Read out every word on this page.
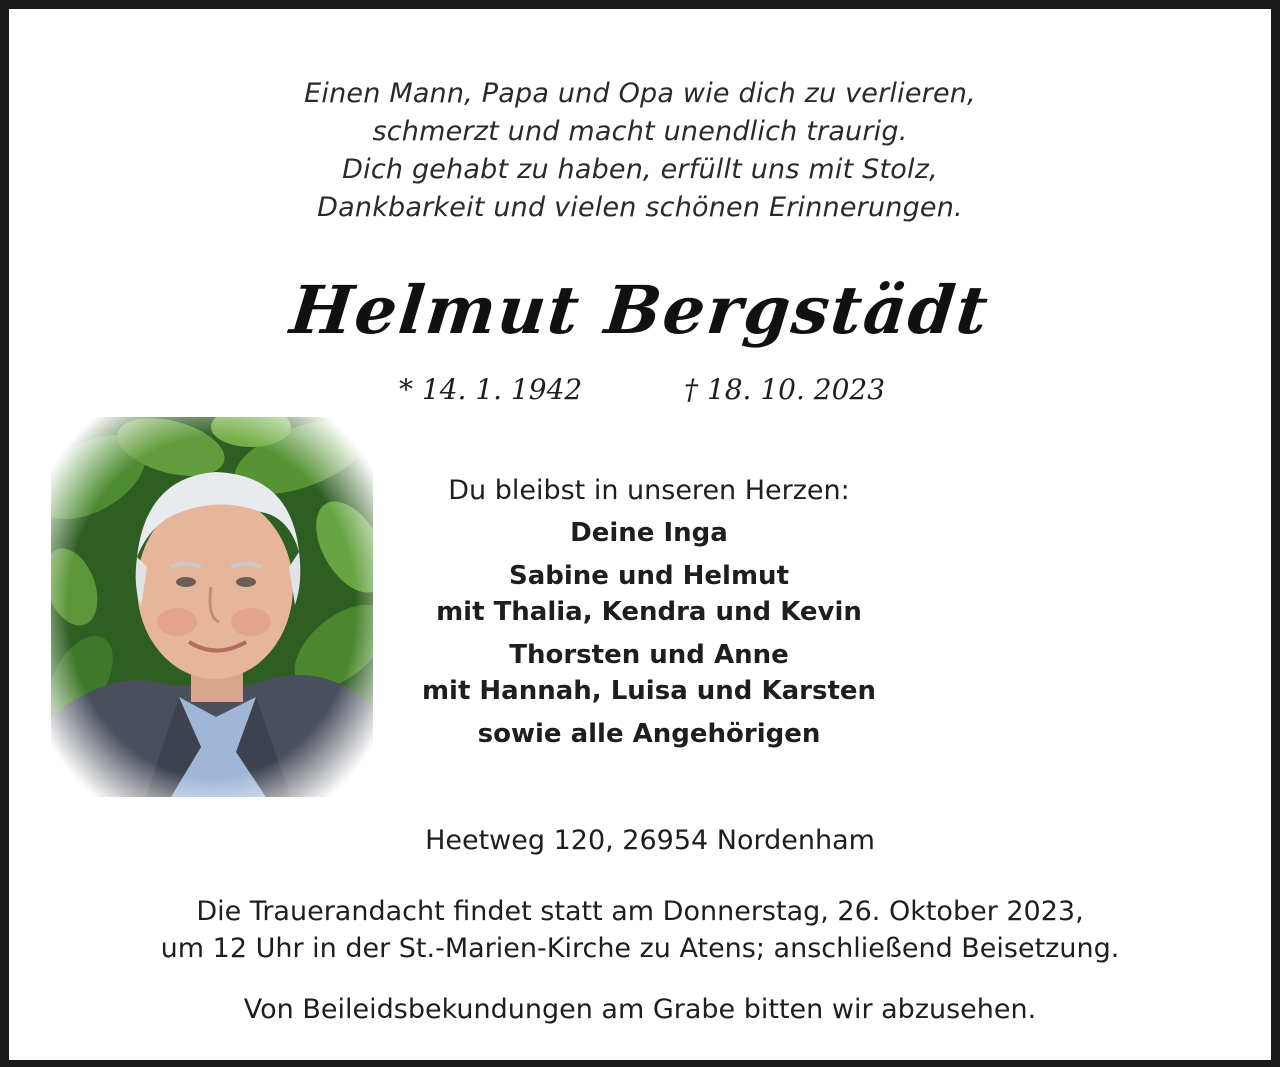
Einen Mann, Papa und Opa wie dich zu verlieren,
schmerzt und macht unendlich traurig.
Dich gehabt zu haben, erfüllt uns mit Stolz,
Dankbarkeit und vielen schönen Erinnerungen.
Helmut Bergstädt
* 14. 1. 1942	† 18. 10. 2023
Du bleibst in unseren Herzen:
Deine Inga
Sabine und Helmut
mit Thalia, Kendra und Kevin
Thorsten und Anne
mit Hannah, Luisa und Karsten
sowie alle Angehörigen
Heetweg 120, 26954 Nordenham
Die Trauerandacht findet statt am Donnerstag, 26. Oktober 2023,
um 12 Uhr in der St.-Marien-Kirche zu Atens; anschließend Beisetzung.
Von Beileidsbekundungen am Grabe bitten wir abzusehen.
